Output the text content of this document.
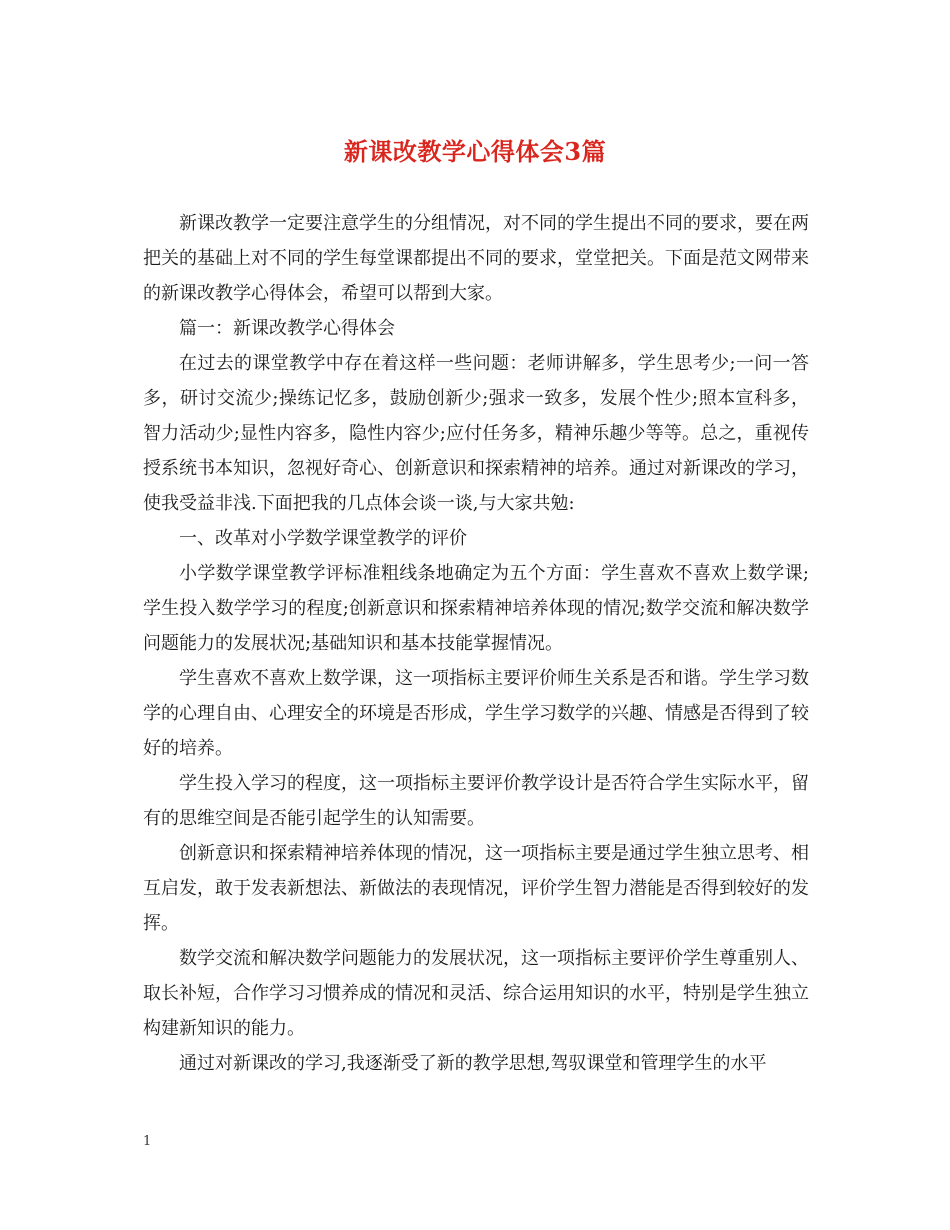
新课改教学心得体会3篇

新课改教学一定要注意学生的分组情况，对不同的学生提出不同的要求，要在两把关的基础上对不同的学生每堂课都提出不同的要求，堂堂把关。下面是范文网带来的新课改教学心得体会，希望可以帮到大家。

篇一：新课改教学心得体会

在过去的课堂教学中存在着这样一些问题：老师讲解多，学生思考少;一问一答多，研讨交流少;操练记忆多，鼓励创新少;强求一致多，发展个性少;照本宣科多，智力活动少;显性内容多，隐性内容少;应付任务多，精神乐趣少等等。总之，重视传授系统书本知识，忽视好奇心、创新意识和探索精神的培养。通过对新课改的学习，使我受益非浅.下面把我的几点体会谈一谈,与大家共勉:

一、改革对小学数学课堂教学的评价

小学数学课堂教学评标准粗线条地确定为五个方面：学生喜欢不喜欢上数学课;学生投入数学学习的程度;创新意识和探索精神培养体现的情况;数学交流和解决数学问题能力的发展状况;基础知识和基本技能掌握情况。

学生喜欢不喜欢上数学课，这一项指标主要评价师生关系是否和谐。学生学习数学的心理自由、心理安全的环境是否形成，学生学习数学的兴趣、情感是否得到了较好的培养。

学生投入学习的程度，这一项指标主要评价教学设计是否符合学生实际水平，留有的思维空间是否能引起学生的认知需要。

创新意识和探索精神培养体现的情况，这一项指标主要是通过学生独立思考、相互启发，敢于发表新想法、新做法的表现情况，评价学生智力潜能是否得到较好的发挥。

数学交流和解决数学问题能力的发展状况，这一项指标主要评价学生尊重别人、取长补短，合作学习习惯养成的情况和灵活、综合运用知识的水平，特别是学生独立构建新知识的能力。

通过对新课改的学习,我逐渐受了新的教学思想,驾驭课堂和管理学生的水平

1
